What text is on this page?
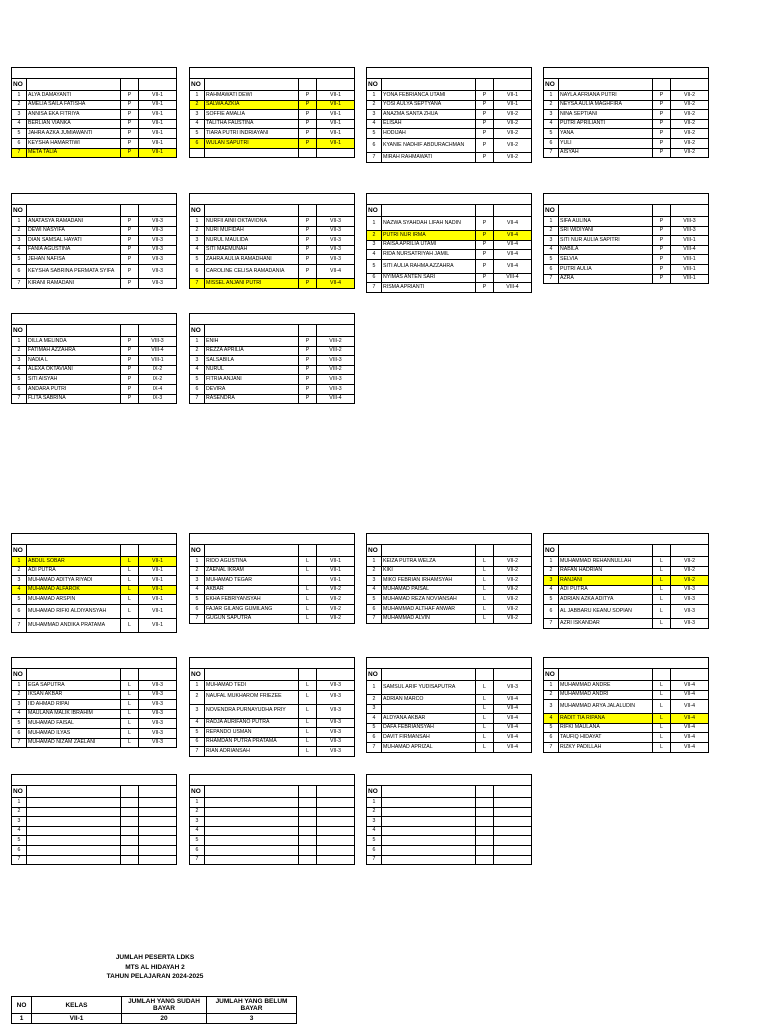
NO			
1	ALYA DAMAYANTI	P	VII-1
2	AMELIA SAILA FATISHA	P	VII-1
3	ANNISA EKA FITRIYA	P	VII-1
4	BERLIAN VIANKA	P	VII-1
5	JAHRA AZKA JUMIAWANTI	P	VII-1
6	KEYSHA HAMARTIWI	P	VII-1
7	META TALIA	P	VII-1

NO			
1	RAHMAWATI DEWI	P	VII-1
2	SALWA AZKIA	P	VII-1
3	SOFFIE AMALIA	P	VII-1
4	TALITHA FAUSTINA	P	VII-1
5	TIARA PUTRI INDRIAYANI	P	VII-1
6	WULAN SAPUTRI	P	VII-1

NO			
1	YONA FEBRIANCA UTAMI	P	VII-1
2	YOSI AULYA SEPTYANA	P	VII-1
3	ANAZMA SANTA ZHUA	P	VII-2
4	ELISAH	P	VII-2
5	HODIJAH	P	VII-2
6	KYANIE NADHIF ABDURACHMAN	P	VII-2
7	MIRAH RAHMAWATI	P	VII-2

NO			
1	NAYLA AFRIANA PUTRI	P	VII-2
2	NEYSA AULIA MAGHFIRA	P	VII-2
3	NINA SEPTIANI	P	VII-2
4	PUTRI APRILIANTI	P	VII-2
5	YANA	P	VII-2
6	YULI	P	VII-2
7	AISYAH	P	VII-2

NO			
1	ANATASYA RAMADANI	P	VII-3
2	DEWI NASYIFA	P	VII-3
3	DIAN SAMSAL HAYATI	P	VII-3
4	FANIA AGUSTINA	P	VII-3
5	JEHAN NAFISA	P	VII-3
6	KEYSHA SABRINA PERMATA SYIFA	P	VII-3
7	KIRANI RAMADANI	P	VII-3

NO			
1	NURFII AINII OKTAVIONA	P	VII-3
2	NURI MUFIDAH	P	VII-3
3	NURUL MAULIDA	P	VII-3
4	SITI MAEMUNAH	P	VII-3
5	ZAHRA AULIA RAMADHANI	P	VII-3
6	CAROLINE CELISA RAMADANIA	P	VII-4
7	MISSEL ANJANI PUTRI	P	VII-4

NO			
1	NAZWA SYAHDAH LIFAH NADIN	P	VII-4
2	PUTRI NUR IRMA	P	VII-4
3	RAISA APRILIA UTAMI	P	VII-4
4	RIDA NURSATRIYAH JAMIL	P	VII-4
5	SITI AULIA RAHMA AZZAHRA	P	VII-4
6	NYIMAS ANTEN SARI	P	VIII-4
7	RISMA APRIANTI	P	VIII-4

NO			
1	SIFA AULINA	P	VIII-3
2	SRI WIDIYANI	P	VIII-3
3	SITI NUR AULIA SAPITRI	P	VIII-1
4	NABILA	P	VIII-4
5	SELVIA	P	VIII-1
6	PUTRI AULIA	P	VIII-1
7	AZRA	P	VIII-1

NO			
1	DILLA MELINDA	P	VIII-3
2	FATIMAH AZZAHRA	P	VIII-4
3	NADIA L	P	VIII-1
4	ALEXA OKTAVIANI	P	IX-2
5	SITI AISYAH	P	IX-2
6	ANDARA PUTRI	P	IX-4
7	FLITA SABRINA	P	IX-3

NO			
1	ENIH	P	VIII-2
2	REZZA APRILIA	P	VIII-2
3	SALSABILA	P	VIII-3
4	NURUL	P	VIII-2
5	FITRIA ANJANI	P	VIII-3
6	DEVIRA	P	VIII-3
7	RASENDRA	P	VIII-4

NO			
1	ABDUL SOBAR	L	VII-1
2	ADI PUTRA	L	VII-1
3	MUHAMAD ADITYA RIYADI	L	VII-1
4	MUHAMAD ALFAROK	L	VII-1
5	MUHAMAD ARSPIN	L	VII-1
6	MUHAMAD RIFKI ALDIYANSYAH	L	VII-1
7	MUHAMMAD ANDIKA PRATAMA	L	VII-1

NO			
1	RIDO AGUSTINA	L	VII-1
2	ZAENAL IKRAM	L	VII-1
3	MUHAMAD TEGAR		VII-1
4	AKBAR	L	VII-2
5	EKHA FEBRIYANSYAH	L	VII-2
6	FAJAR GILANG GUMILANG	L	VII-2
7	GUGUN SAPUTRA	L	VII-2

NO			
1	KEIZA PUTRA WELZA	L	VII-2
2	KIKI	L	VII-2
3	MIKO FEBRIAN IRHAMSYAH	L	VII-2
4	MUHAMAD PAISAL	L	VII-2
5	MUHAMAD REZA NOVIANSAH	L	VII-2
6	MUHAMMAD ALTHAF ANWAR	L	VII-2
7	MUHAMMAD ALVIN	L	VII-2

NO			
1	MUHAMMAD REHANNULLAH	L	VII-2
2	RAFAN HADRIAN	L	VII-2
3	RANJANI	L	VII-2
4	ADI PUTRA	L	VII-3
5	ADRIAN AZKA ADITYA	L	VII-3
6	AL JABBARU KEANU SOPIAN	L	VII-3
7	AZRI ISKANDAR	L	VII-3

NO			
1	EGA SAPUTRA	L	VII-3
2	IKSAN AKBAR	L	VII-3
3	IID AHMAD RIPAI	L	VII-3
4	MAULANA MALIK IBRAHIM	L	VII-3
5	MUHAMAD FAISAL	L	VII-3
6	MUHAMAD ILYAS	L	VII-3
7	MUHAMAD NIZAM ZAELANI	L	VII-3

NO			
1	MUHAMAD TEDI	L	VII-3
2	NAUFAL MUKHAROM FRIEZEE	L	VII-3
3	NOVENDRA PURNAYUDHA PRIY	L	VII-3
4	RADJA AURIFANO PUTRA	L	VII-3
5	REPANDO USMAN	L	VII-3
6	RHAMDAN PUTRA PRATAMA	L	VII-3
7	RIAN ADRIANSAH	L	VII-3

NO			
1	SAMSUL ARIF YUDISAPUTRA	L	VII-3
2	ADRIAN MARCO	L	VII-4
3		L	VII-4
4	ALDYANA AKBAR	L	VII-4
5	DAFA FEBRIANSYAH	L	VII-4
6	DAVIT FIRMANSAH	L	VII-4
7	MUHAMAD APRIZAL	L	VII-4

NO			
1	MUHAMMAD ANDRE	L	VII-4
2	MUHAMMAD ANDRI	L	VII-4
3	MUHAMMAD ARYA JALALUDIN	L	VII-4
4	RADIT TIA RIPANA	L	VII-4
5	RIFKI MAULANA	L	VII-4
6	TAUFIQ HIDAYAT	L	VII-4
7	RIZKY PADILLAH	L	VII-4

NO			
1			
2			
3			
4			
5			
6			
7			

NO			
1			
2			
3			
4			
5			
6			
7			

NO			
1			
2			
3			
4			
5			
6			
7			
JUMLAH PESERTA LDKS
MTS AL HIDAYAH 2
TAHUN PELAJARAN 2024-2025
NO	KELAS	JUMLAH YANG SUDAH BAYAR	JUMLAH YANG BELUM BAYAR
1	VII-1	20	3
